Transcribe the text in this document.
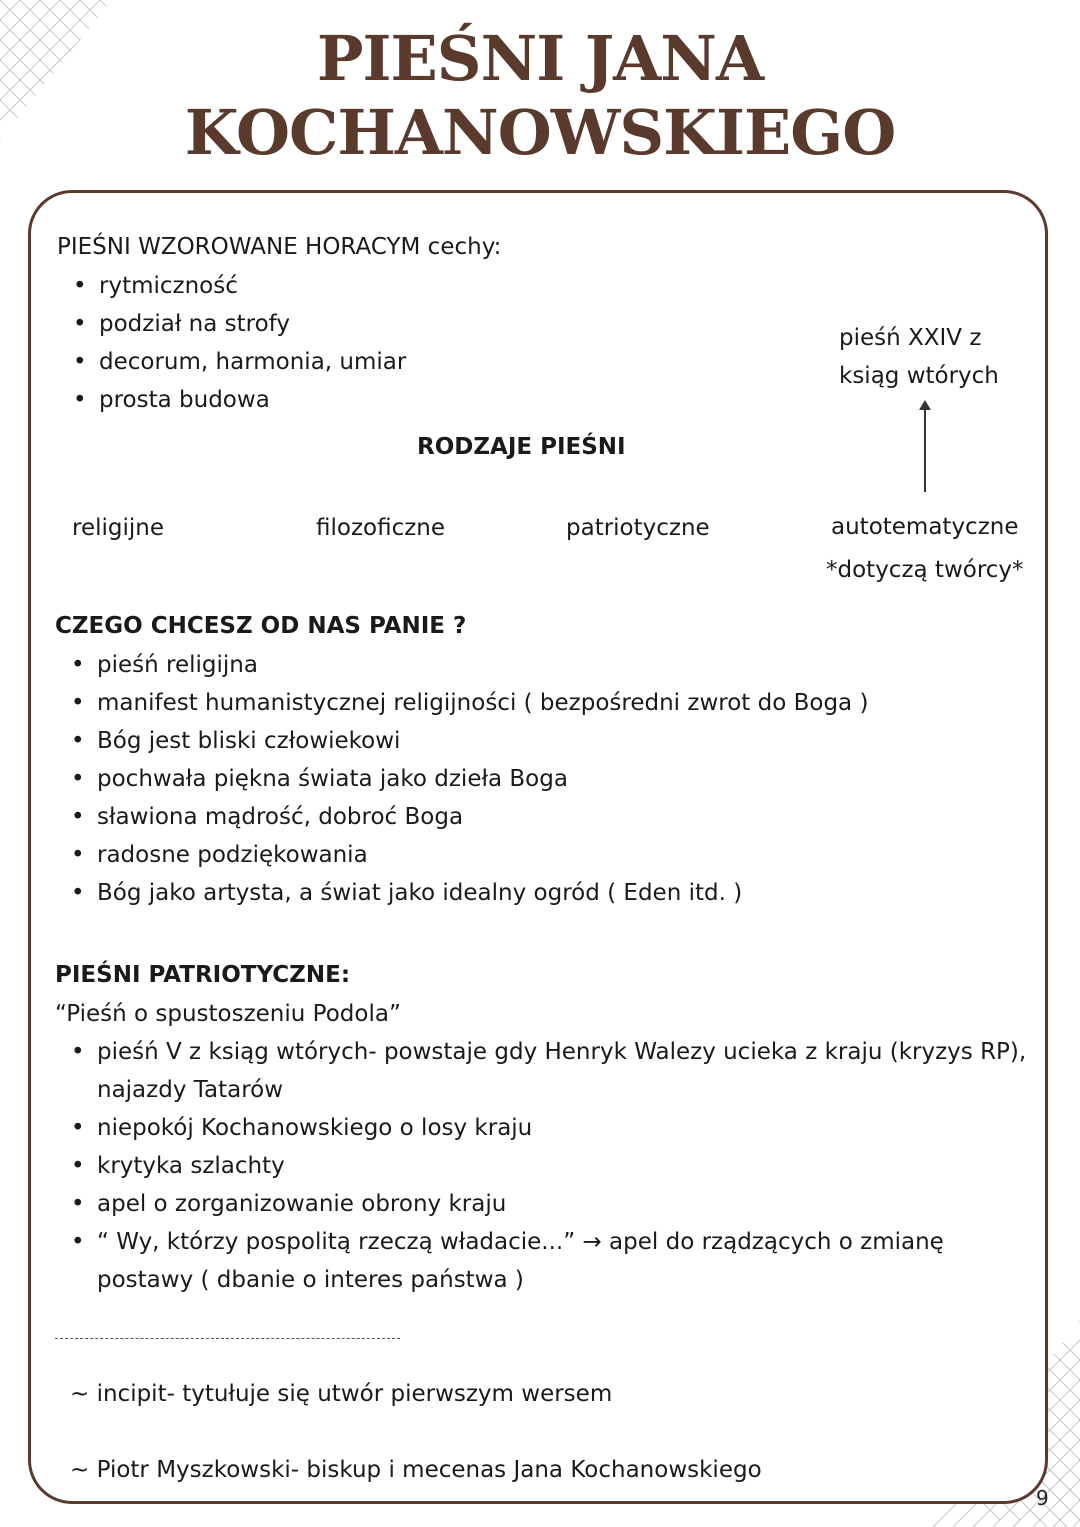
PIEŚNI JANA
KOCHANOWSKIEGO
PIEŚNI WZOROWANE HORACYM cechy:
• rytmiczność
• podział na strofy
• decorum, harmonia, umiar
• prosta budowa
pieśń XXIV z
ksiąg wtórych
RODZAJE PIEŚNI
religijne	filozoficzne	patriotyczne	autotematyczne
*dotyczą twórcy*
CZEGO CHCESZ OD NAS PANIE ?
• pieśń religijna
• manifest humanistycznej religijności ( bezpośredni zwrot do Boga )
• Bóg jest bliski człowiekowi
• pochwała piękna świata jako dzieła Boga
• sławiona mądrość, dobroć Boga
• radosne podziękowania
• Bóg jako artysta, a świat jako idealny ogród ( Eden itd. )
PIEŚNI PATRIOTYCZNE:
“Pieśń o spustoszeniu Podola”
• pieśń V z ksiąg wtórych- powstaje gdy Henryk Walezy ucieka z kraju (kryzys RP),
najazdy Tatarów
• niepokój Kochanowskiego o losy kraju
• krytyka szlachty
• apel o zorganizowanie obrony kraju
• “ Wy, którzy pospolitą rzeczą władacie...” → apel do rządzących o zmianę
postawy ( dbanie o interes państwa )
~ incipit- tytułuje się utwór pierwszym wersem
~ Piotr Myszkowski- biskup i mecenas Jana Kochanowskiego
9
